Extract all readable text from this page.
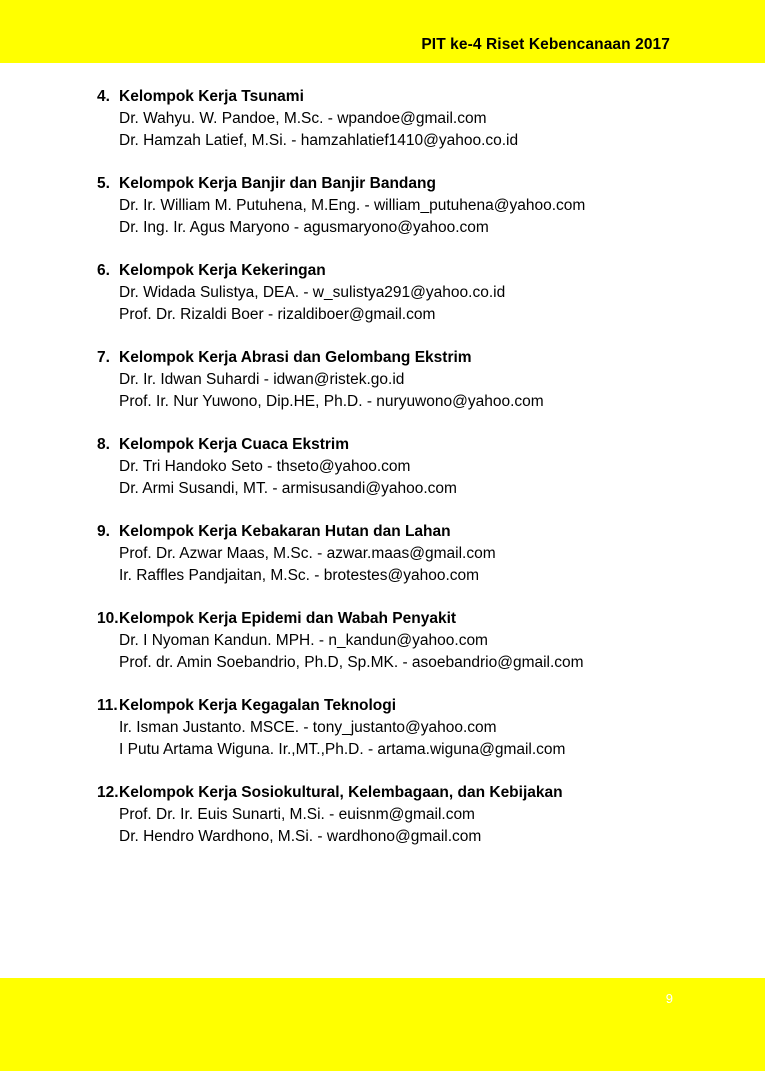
PIT ke-4 Riset Kebencanaan 2017
4. Kelompok Kerja Tsunami
Dr. Wahyu. W. Pandoe, M.Sc. - wpandoe@gmail.com
Dr. Hamzah Latief, M.Si. - hamzahlatief1410@yahoo.co.id
5. Kelompok Kerja Banjir dan Banjir Bandang
Dr. Ir. William M. Putuhena, M.Eng. - william_putuhena@yahoo.com
Dr. Ing. Ir. Agus Maryono - agusmaryono@yahoo.com
6. Kelompok Kerja Kekeringan
Dr. Widada Sulistya, DEA. - w_sulistya291@yahoo.co.id
Prof. Dr. Rizaldi Boer - rizaldiboer@gmail.com
7. Kelompok Kerja Abrasi dan Gelombang Ekstrim
Dr. Ir. Idwan Suhardi - idwan@ristek.go.id
Prof. Ir. Nur Yuwono, Dip.HE, Ph.D. - nuryuwono@yahoo.com
8. Kelompok Kerja Cuaca Ekstrim
Dr. Tri Handoko Seto - thseto@yahoo.com
Dr. Armi Susandi, MT. - armisusandi@yahoo.com
9. Kelompok Kerja Kebakaran Hutan dan Lahan
Prof. Dr. Azwar Maas, M.Sc. - azwar.maas@gmail.com
Ir. Raffles Pandjaitan, M.Sc. - brotestes@yahoo.com
10. Kelompok Kerja Epidemi dan Wabah Penyakit
Dr. I Nyoman Kandun. MPH. - n_kandun@yahoo.com
Prof. dr. Amin Soebandrio, Ph.D, Sp.MK. - asoebandrio@gmail.com
11. Kelompok Kerja Kegagalan Teknologi
Ir. Isman Justanto. MSCE. - tony_justanto@yahoo.com
I Putu Artama Wiguna. Ir.,MT.,Ph.D. - artama.wiguna@gmail.com
12. Kelompok Kerja Sosiokultural, Kelembagaan, dan Kebijakan
Prof. Dr. Ir. Euis Sunarti, M.Si. - euisnm@gmail.com
Dr. Hendro Wardhono, M.Si. - wardhono@gmail.com
9
